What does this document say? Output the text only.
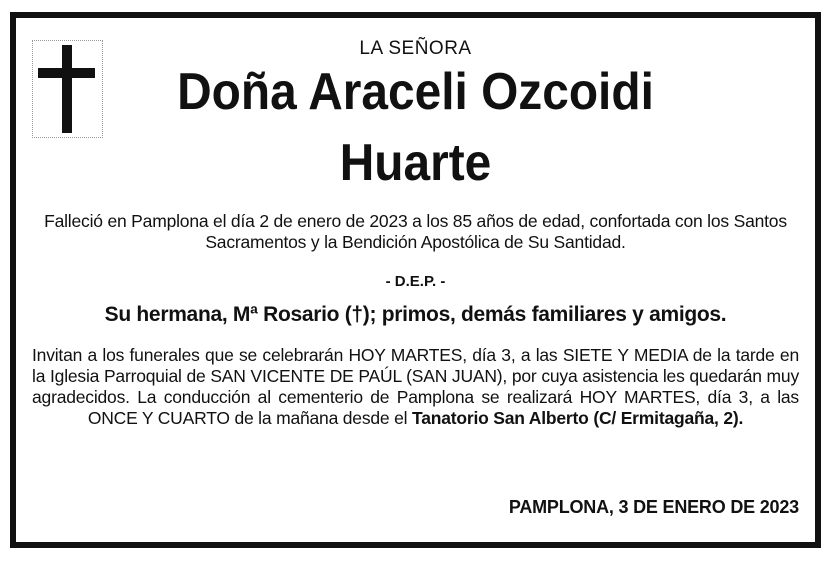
LA SEÑORA
Doña Araceli Ozcoidi
Huarte
Falleció en Pamplona el día 2 de enero de 2023 a los 85 años de edad, confortada con los Santos Sacramentos y la Bendición Apostólica de Su Santidad.
- D.E.P. -
Su hermana, Mª Rosario (†); primos, demás familiares y amigos.
Invitan a los funerales que se celebrarán HOY MARTES, día 3, a las SIETE Y MEDIA de la tarde en la Iglesia Parroquial de SAN VICENTE DE PAÚL (SAN JUAN), por cuya asistencia les quedarán muy agradecidos. La conducción al cementerio de Pamplona se realizará HOY MARTES, día 3, a las ONCE Y CUARTO de la mañana desde el Tanatorio San Alberto (C/ Ermitagaña, 2).
PAMPLONA, 3 DE ENERO DE 2023
